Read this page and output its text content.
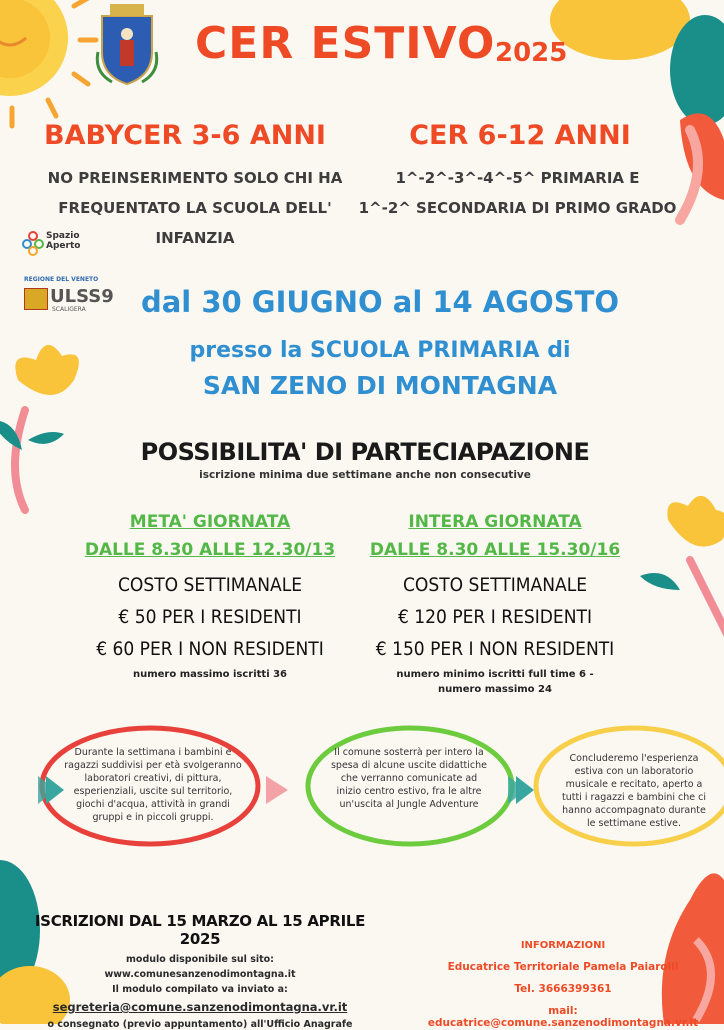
CER ESTIVO 2025
BABYCER 3-6 ANNI
NO PREINSERIMENTO SOLO CHI HA
FREQUENTATO LA SCUOLA DELL'
INFANZIA
CER 6-12 ANNI
1^-2^-3^-4^-5^ PRIMARIA E
1^-2^ SECONDARIA DI PRIMO GRADO
Spazio
Aperto
REGIONE DEL VENETO
ULSS9
SCALIGERA	dal 30 GIUGNO al 14 AGOSTO
presso la SCUOLA PRIMARIA di
SAN ZENO DI MONTAGNA
POSSIBILITA' DI PARTECIAPAZIONE
iscrizione minima due settimane anche non consecutive
META' GIORNATA
DALLE 8.30 ALLE 12.30/13
COSTO SETTIMANALE
€ 50 PER I RESIDENTI
€ 60 PER I NON RESIDENTI
numero massimo iscritti 36
INTERA GIORNATA
DALLE 8.30 ALLE 15.30/16
COSTO SETTIMANALE
€ 120 PER I RESIDENTI
€ 150 PER I NON RESIDENTI
numero minimo iscritti full time 6 -
numero massimo 24
Durante la settimana i bambini e ragazzi suddivisi per età svolgeranno laboratori creativi, di pittura, esperienziali, uscite sul territorio, giochi d'acqua, attività in grandi gruppi e in piccoli gruppi.
Il comune sosterrà per intero la spesa di alcune uscite didattiche che verranno comunicate ad inizio centro estivo, fra le altre un'uscita al Jungle Adventure
Concluderemo l'esperienza estiva con un laboratorio musicale e recitato, aperto a tutti i ragazzi e bambini che ci hanno accompagnato durante le settimane estive.
ISCRIZIONI DAL 15 MARZO AL 15 APRILE 2025
modulo disponibile sul sito:
www.comunesanzenodimontagna.it
Il modulo compilato va inviato a:
segreteria@comune.sanzenodimontagna.vr.it
o consegnato (previo appuntamento) all'Ufficio Anagrafe
INFORMAZIONI
Educatrice Territoriale Pamela Paiarolli
Tel. 3666399361
mail: educatrice@comune.sanzenodimontagna.vr.it
